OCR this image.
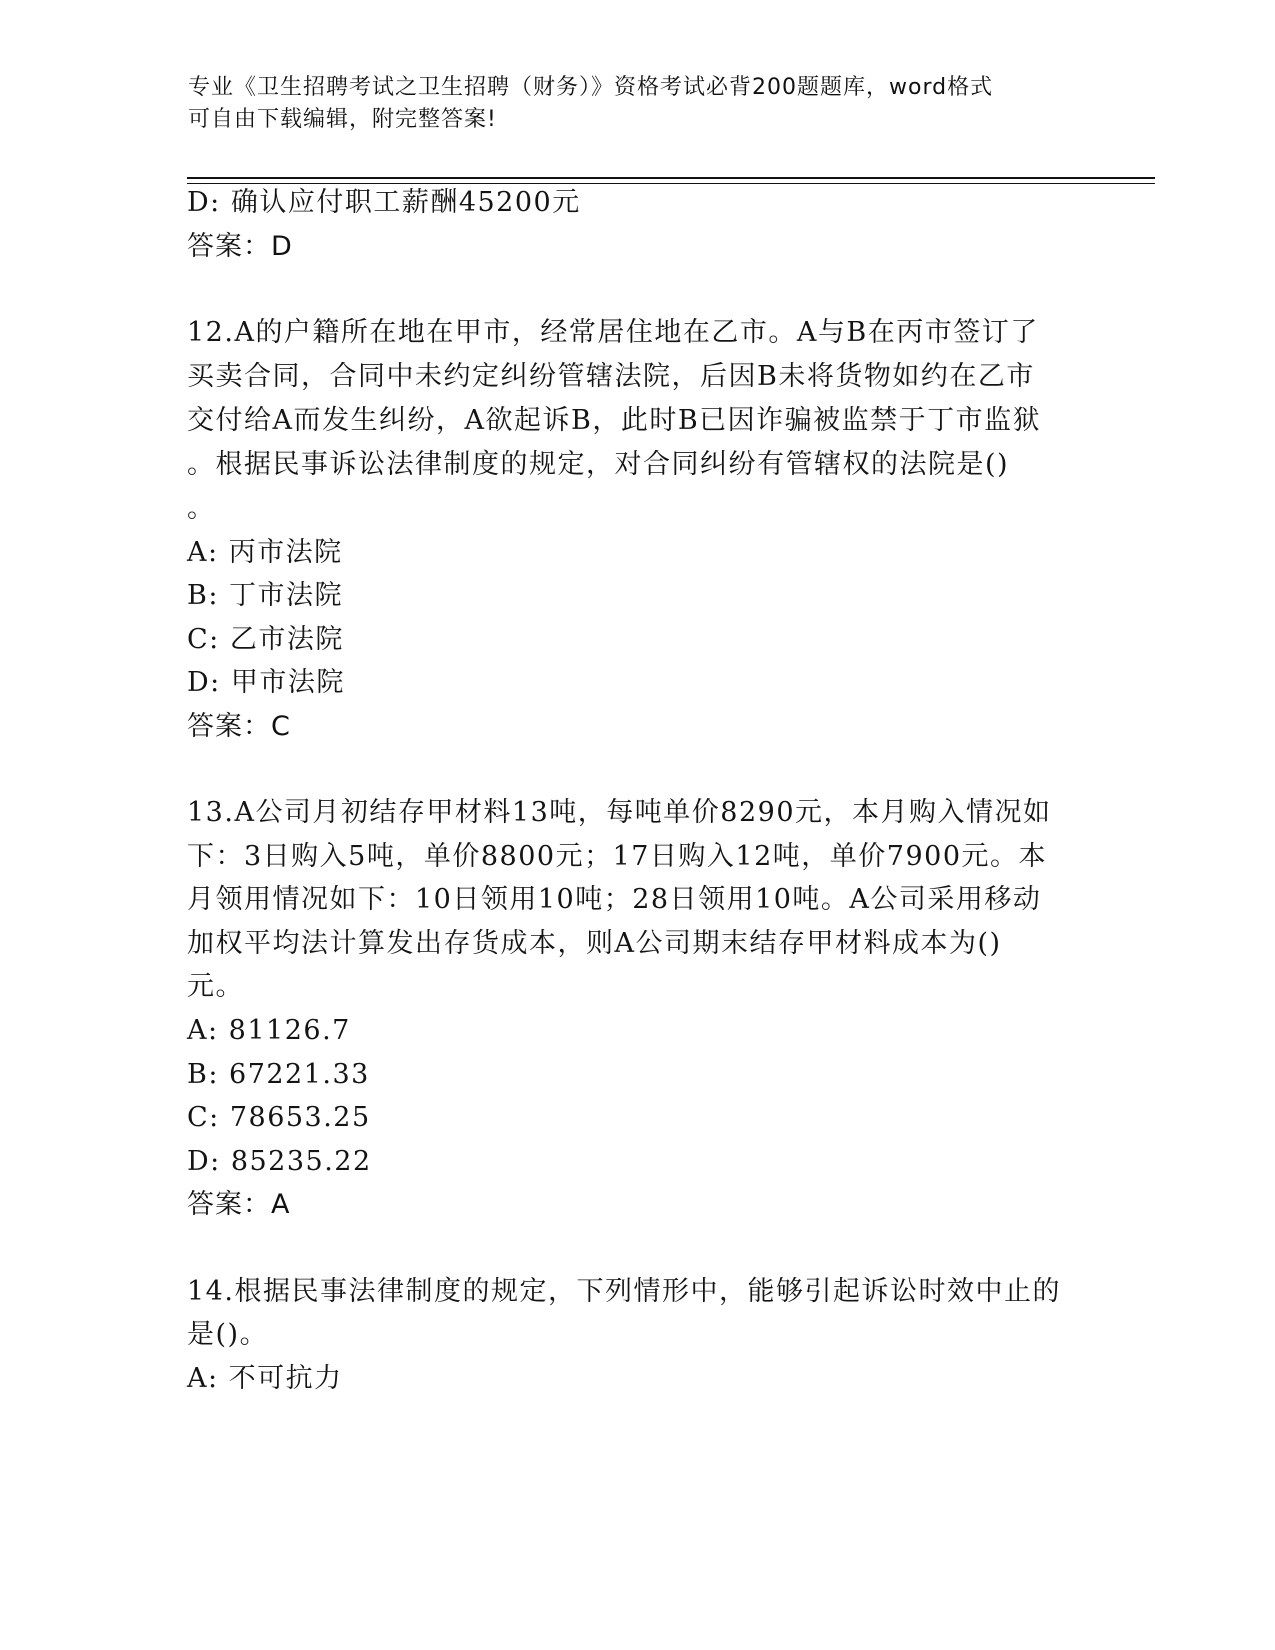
专业《卫生招聘考试之卫生招聘（财务）》资格考试必背200题题库，word格式
可自由下载编辑，附完整答案!
D: 确认应付职工薪酬45200元
答案：D
12.A的户籍所在地在甲市，经常居住地在乙市。A与B在丙市签订了
买卖合同，合同中未约定纠纷管辖法院，后因B未将货物如约在乙市
交付给A而发生纠纷，A欲起诉B，此时B已因诈骗被监禁于丁市监狱
。根据民事诉讼法律制度的规定，对合同纠纷有管辖权的法院是()
。
A: 丙市法院
B: 丁市法院
C: 乙市法院
D: 甲市法院
答案：C
13.A公司月初结存甲材料13吨，每吨单价8290元，本月购入情况如
下：3日购入5吨，单价8800元；17日购入12吨，单价7900元。本
月领用情况如下：10日领用10吨；28日领用10吨。A公司采用移动
加权平均法计算发出存货成本，则A公司期末结存甲材料成本为()
元。
A: 81126.7
B: 67221.33
C: 78653.25
D: 85235.22
答案：A
14.根据民事法律制度的规定，下列情形中，能够引起诉讼时效中止的
是()。
A: 不可抗力
